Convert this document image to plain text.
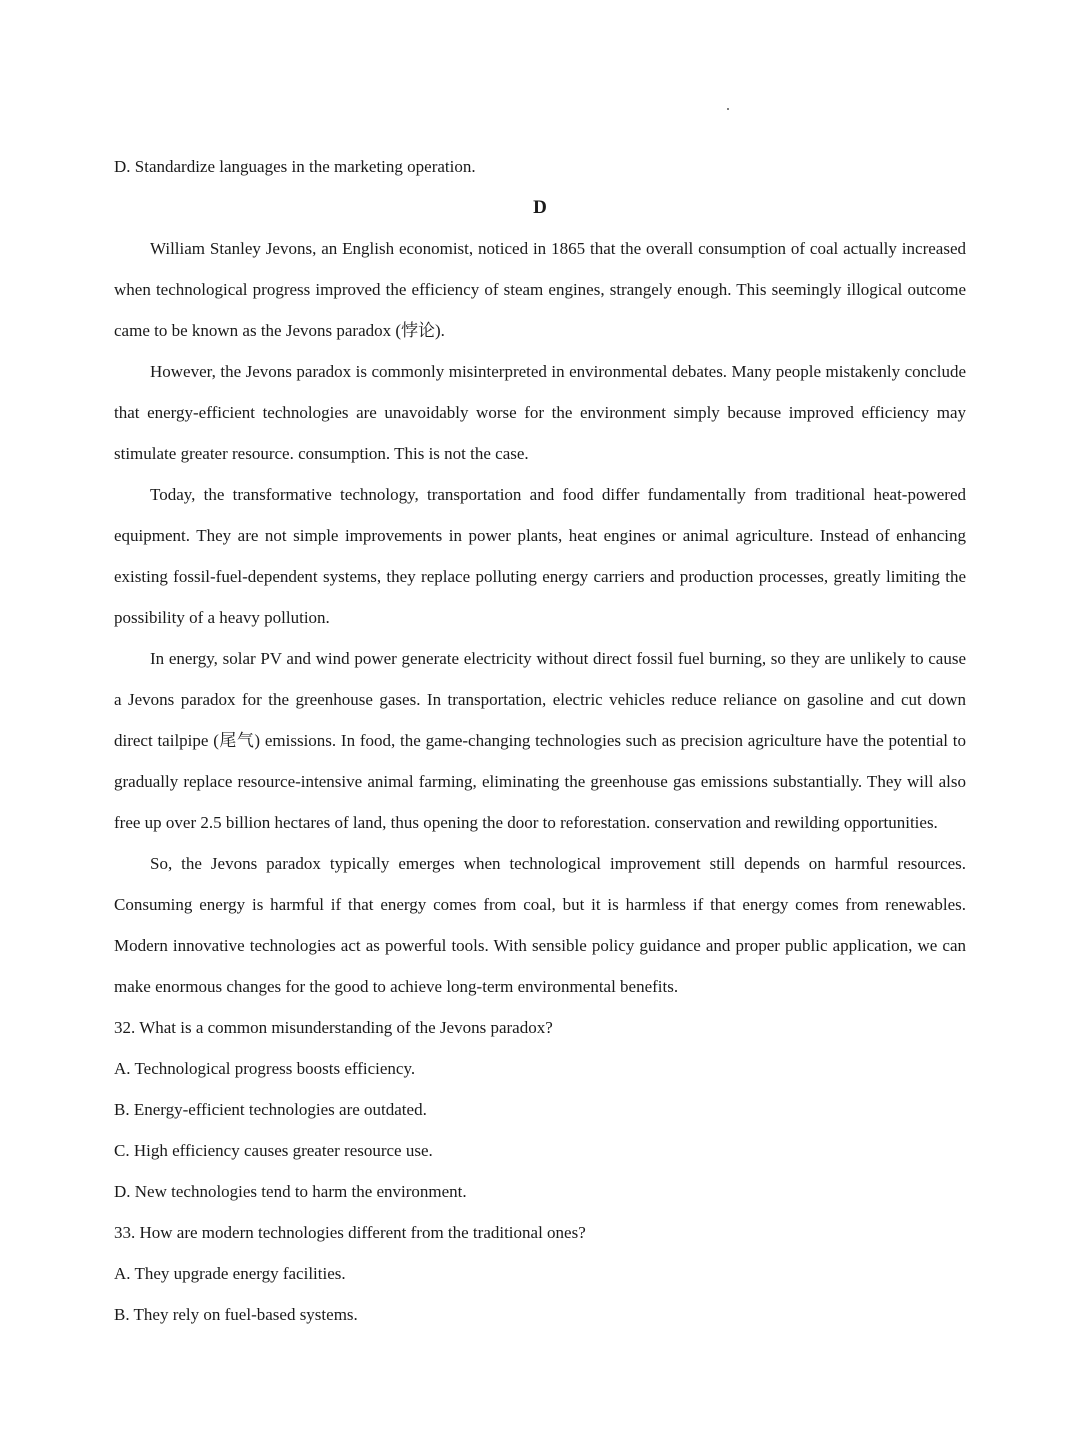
D. Standardize languages in the marketing operation.

D

William Stanley Jevons, an English economist, noticed in 1865 that the overall consumption of coal actually increased when technological progress improved the efficiency of steam engines, strangely enough. This seemingly illogical outcome came to be known as the Jevons paradox (悖论).

However, the Jevons paradox is commonly misinterpreted in environmental debates. Many people mistakenly conclude that energy-efficient technologies are unavoidably worse for the environment simply because improved efficiency may stimulate greater resource. consumption. This is not the case.

Today, the transformative technology, transportation and food differ fundamentally from traditional heat-powered equipment. They are not simple improvements in power plants, heat engines or animal agriculture. Instead of enhancing existing fossil-fuel-dependent systems, they replace polluting energy carriers and production processes, greatly limiting the possibility of a heavy pollution.

In energy, solar PV and wind power generate electricity without direct fossil fuel burning, so they are unlikely to cause a Jevons paradox for the greenhouse gases. In transportation, electric vehicles reduce reliance on gasoline and cut down direct tailpipe (尾气) emissions. In food, the game-changing technologies such as precision agriculture have the potential to gradually replace resource-intensive animal farming, eliminating the greenhouse gas emissions substantially. They will also free up over 2.5 billion hectares of land, thus opening the door to reforestation. conservation and rewilding opportunities.

So, the Jevons paradox typically emerges when technological improvement still depends on harmful resources. Consuming energy is harmful if that energy comes from coal, but it is harmless if that energy comes from renewables. Modern innovative technologies act as powerful tools. With sensible policy guidance and proper public application, we can make enormous changes for the good to achieve long-term environmental benefits.

32. What is a common misunderstanding of the Jevons paradox?

A. Technological progress boosts efficiency.

B. Energy-efficient technologies are outdated.

C. High efficiency causes greater resource use.

D. New technologies tend to harm the environment.

33. How are modern technologies different from the traditional ones?

A. They upgrade energy facilities.

B. They rely on fuel-based systems.
